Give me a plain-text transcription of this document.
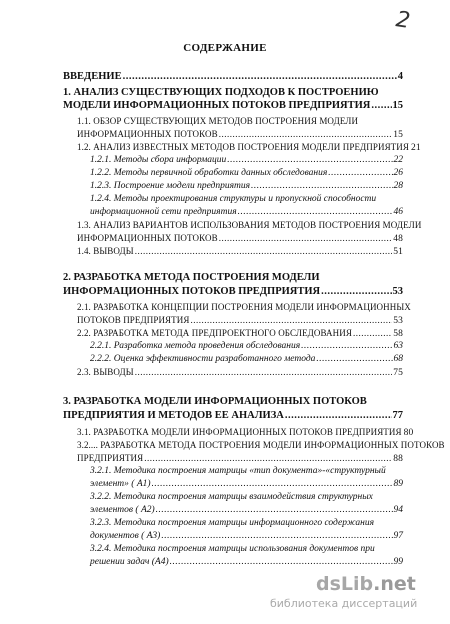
2
СОДЕРЖАНИЕ
ВВЕДЕНИЕ .....	4
1. АНАЛИЗ СУЩЕСТВУЮЩИХ ПОДХОДОВ К ПОСТРОЕНИЮ
МОДЕЛИ ИНФОРМАЦИОННЫХ ПОТОКОВ ПРЕДПРИЯТИЯ ..... 15
1.1. ОБЗОР СУЩЕСТВУЮЩИХ МЕТОДОВ ПОСТРОЕНИЯ МОДЕЛИ
ИНФОРМАЦИОННЫХ ПОТОКОВ .....	15
1.2. АНАЛИЗ ИЗВЕСТНЫХ МЕТОДОВ ПОСТРОЕНИЯ МОДЕЛИ ПРЕДПРИЯТИЯ 21
1.2.1. Методы сбора информации .....	22
1.2.2. Методы первичной обработки данных обследования .....	26
1.2.3. Построение модели предприятия .....	28
1.2.4. Методы проектирования структуры и пропускной способности
информационной сети предприятия .....	46
1.3. АНАЛИЗ ВАРИАНТОВ ИСПОЛЬЗОВАНИЯ МЕТОДОВ ПОСТРОЕНИЯ МОДЕЛИ
ИНФОРМАЦИОННЫХ ПОТОКОВ .....	48
1.4. ВЫВОДЫ .....	51
2. РАЗРАБОТКА МЕТОДА ПОСТРОЕНИЯ МОДЕЛИ
ИНФОРМАЦИОННЫХ ПОТОКОВ ПРЕДПРИЯТИЯ .....	53
2.1. РАЗРАБОТКА КОНЦЕПЦИИ ПОСТРОЕНИЯ МОДЕЛИ ИНФОРМАЦИОННЫХ
ПОТОКОВ ПРЕДПРИЯТИЯ .....	53
2.2. РАЗРАБОТКА МЕТОДА ПРЕДПРОЕКТНОГО ОБСЛЕДОВАНИЯ .....	58
2.2.1. Разработка метода проведения обследования .....	63
2.2.2. Оценка эффективности разработанного метода .....	68
2.3. ВЫВОДЫ .....	75
3. РАЗРАБОТКА МОДЕЛИ ИНФОРМАЦИОННЫХ ПОТОКОВ
ПРЕДПРИЯТИЯ И МЕТОДОВ ЕЕ АНАЛИЗА .....	77
3.1. РАЗРАБОТКА МОДЕЛИ ИНФОРМАЦИОННЫХ ПОТОКОВ ПРЕДПРИЯТИЯ 80
3.2.... РАЗРАБОТКА МЕТОДА ПОСТРОЕНИЯ МОДЕЛИ ИНФОРМАЦИОННЫХ ПОТОКОВ
ПРЕДПРИЯТИЯ .....	88
3.2.1. Методика построения матрицы «тип документа»-«структурный
элемент» ( A1) .....	89
3.2.2. Методика построения матрицы взаимодействия структурных
элементов ( A2) .....	94
3.2.3. Методика построения матрицы информационного содержания
документов ( A3) .....	97
3.2.4. Методика построения матрицы использования документов при
решении задач (A4) .....	99
dsLib.net
библиотека диссертаций
